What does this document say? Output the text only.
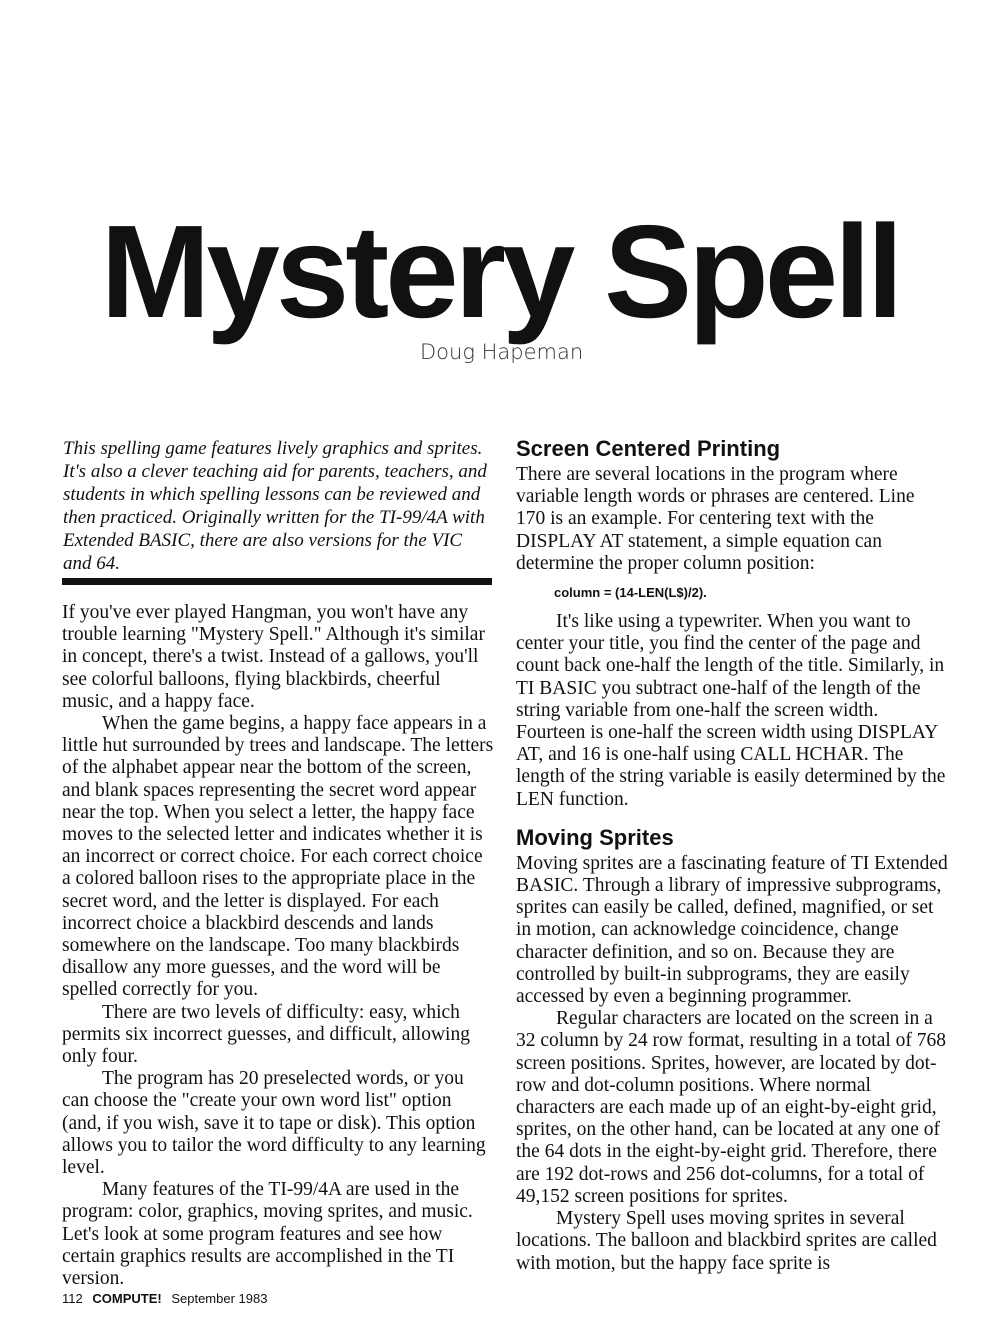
Mystery Spell
Doug Hapeman

This spelling game features lively graphics and sprites. It's also a clever teaching aid for parents, teachers, and students in which spelling lessons can be reviewed and then practiced. Originally written for the TI-99/4A with Extended BASIC, there are also versions for the VIC and 64.

If you've ever played Hangman, you won't have any trouble learning "Mystery Spell." Although it's similar in concept, there's a twist. Instead of a gallows, you'll see colorful balloons, flying blackbirds, cheerful music, and a happy face.

When the game begins, a happy face appears in a little hut surrounded by trees and landscape. The letters of the alphabet appear near the bottom of the screen, and blank spaces representing the secret word appear near the top. When you select a letter, the happy face moves to the selected letter and indicates whether it is an incorrect or correct choice. For each correct choice a colored balloon rises to the appropriate place in the secret word, and the letter is displayed. For each incorrect choice a blackbird descends and lands somewhere on the landscape. Too many blackbirds disallow any more guesses, and the word will be spelled correctly for you.

There are two levels of difficulty: easy, which permits six incorrect guesses, and difficult, allowing only four.

The program has 20 preselected words, or you can choose the "create your own word list" option (and, if you wish, save it to tape or disk). This option allows you to tailor the word difficulty to any learning level.

Many features of the TI-99/4A are used in the program: color, graphics, moving sprites, and music. Let's look at some program features and see how certain graphics results are accomplished in the TI version.

Screen Centered Printing

There are several locations in the program where variable length words or phrases are centered. Line 170 is an example. For centering text with the DISPLAY AT statement, a simple equation can determine the proper column position:

column = (14-LEN(L$)/2).

It's like using a typewriter. When you want to center your title, you find the center of the page and count back one-half the length of the title. Similarly, in TI BASIC you subtract one-half of the length of the string variable from one-half the screen width. Fourteen is one-half the screen width using DISPLAY AT, and 16 is one-half using CALL HCHAR. The length of the string variable is easily determined by the LEN function.

Moving Sprites

Moving sprites are a fascinating feature of TI Extended BASIC. Through a library of impressive subprograms, sprites can easily be called, defined, magnified, or set in motion, can acknowledge coincidence, change character definition, and so on. Because they are controlled by built-in subprograms, they are easily accessed by even a beginning programmer.

Regular characters are located on the screen in a 32 column by 24 row format, resulting in a total of 768 screen positions. Sprites, however, are located by dot-row and dot-column positions. Where normal characters are each made up of an eight-by-eight grid, sprites, on the other hand, can be located at any one of the 64 dots in the eight-by-eight grid. Therefore, there are 192 dot-rows and 256 dot-columns, for a total of 49,152 screen positions for sprites.

Mystery Spell uses moving sprites in several locations. The balloon and blackbird sprites are called with motion, but the happy face sprite is

112 COMPUTE! September 1983
